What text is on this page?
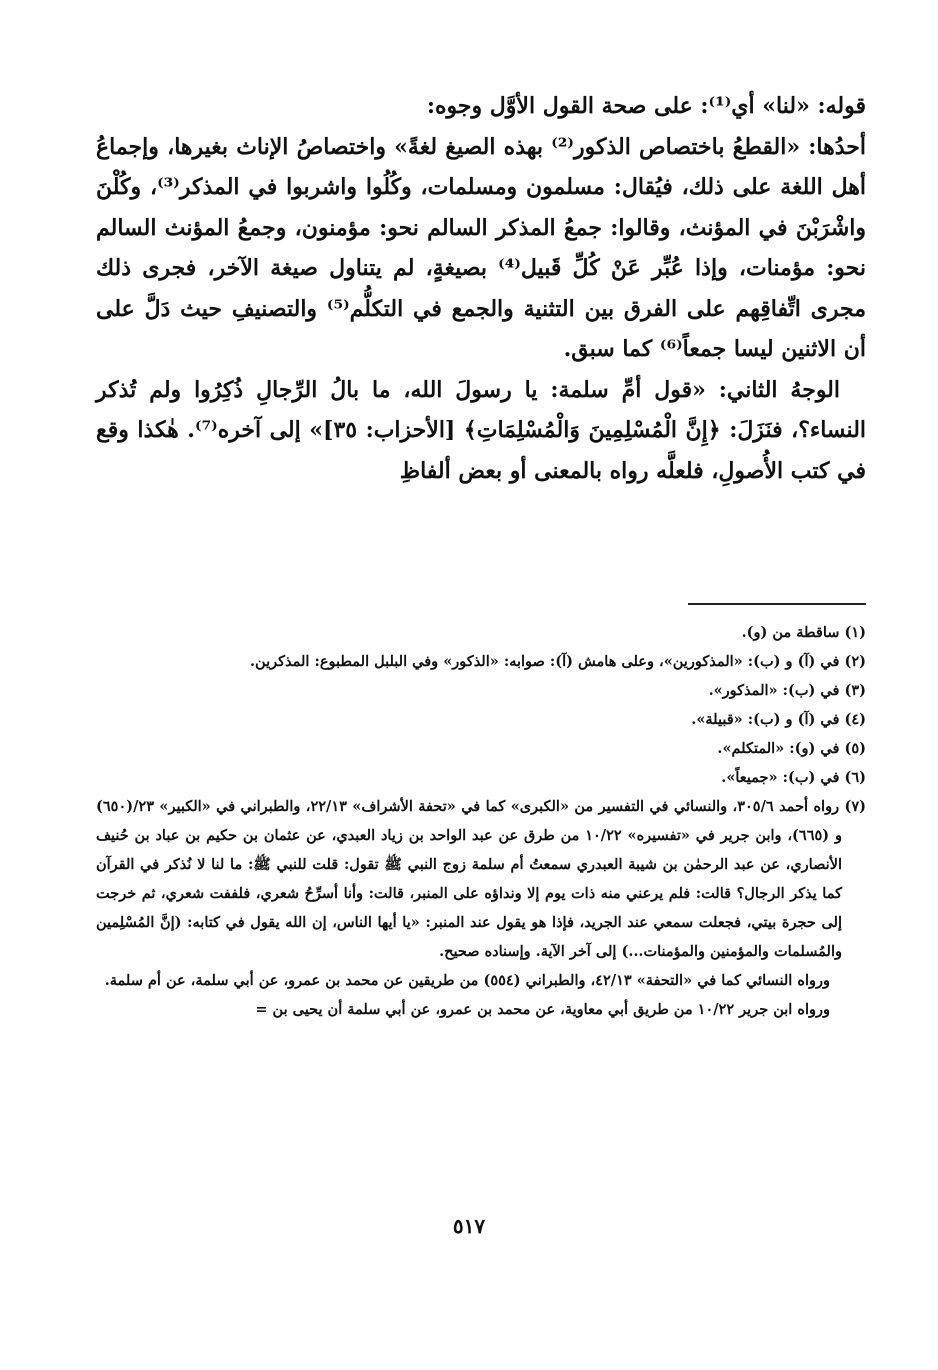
قوله: «لنا» أي⁽¹⁾: على صحة القول الأوَّل وجوه:

أحدُها: «القطعُ باختصاص الذكور⁽²⁾ بهذه الصيغ لغةً» واختصاصُ الإناث بغيرها، وإجماعُ أهل اللغة على ذلك، فيُقال: مسلمون ومسلمات، وكُلُوا واشربوا في المذكر⁽³⁾، وكُلْنَ واشْرَبْنَ في المؤنث، وقالوا: جمعُ المذكر السالم نحو: مؤمنون، وجمعُ المؤنث السالم نحو: مؤمنات، وإذا عُبِّر عَنْ كُلِّ قَبيل⁽⁴⁾ بصيغةٍ، لم يتناول صيغة الآخر، فجرى ذلك مجرى اتِّفاقِهم على الفرق بين التثنية والجمع في التكلُّم⁽⁵⁾ والتصنيفِ حيث دَلَّ على أن الاثنين ليسا جمعاً⁽⁶⁾ كما سبق.

الوجهُ الثاني: «قول أمِّ سلمة: يا رسولَ الله، ما بالُ الرِّجالِ ذُكِرُوا ولم تُذكر النساء؟، فنَزَلَ: ﴿إِنَّ الْمُسْلِمِينَ وَالْمُسْلِمَاتِ﴾ [الأحزاب: ٣٥]» إلى آخره⁽⁷⁾. هٰكذا وقع في كتب الأُصولِ، فلعلَّه رواه بالمعنى أو بعض ألفاظِ

(١) ساقطة من (و).

(٢) في (آ) و (ب): «المذكورين»، وعلى هامش (آ): صوابه: «الذكور» وفي البلبل المطبوع: المذكرين.

(٣) في (ب): «المذكور».

(٤) في (آ) و (ب): «قبيلة».

(٥) في (و): «المتكلم».

(٦) في (ب): «جميعاً».

(٧) رواه أحمد ٣٠٥/٦، والنسائي في التفسير من «الكبرى» كما في «تحفة الأشراف» ٢٢/١٣، والطبراني في «الكبير» ٢٣/(٦٥٠) و (٦٦٥)، وابن جرير في «تفسيره» ١٠/٢٢ من طرق عن عبد الواحد بن زياد العبدي، عن عثمان بن حكيم بن عباد بن حُنيف الأنصاري، عن عبد الرحمٰن بن شيبة العبدري سمعتُ أم سلمة زوج النبي ﷺ تقول: قلت للنبي ﷺ: ما لنا لا نُذكر في القرآن كما يذكر الرجال؟ قالت: فلم يرعني منه ذات يوم إلا ونداؤه على المنبر، قالت: وأنا أسرِّحُ شعري، فلففت شعري، ثم خرجت إلى حجرة بيتي، فجعلت سمعي عند الجريد، فإذا هو يقول عند المنبر: «يا أيها الناس، إن الله يقول في كتابه: (إنَّ المُسْلِمين والمُسلمات والمؤمنين والمؤمنات...) إلى آخر الآية. وإسناده صحيح.

ورواه النسائي كما في «التحفة» ٤٢/١٣، والطبراني (٥٥٤) من طريقين عن محمد بن عمرو، عن أبي سلمة، عن أم سلمة.

ورواه ابن جرير ١٠/٢٢ من طريق أبي معاوية، عن محمد بن عمرو، عن أبي سلمة أن يحيى بن =

٥١٧
